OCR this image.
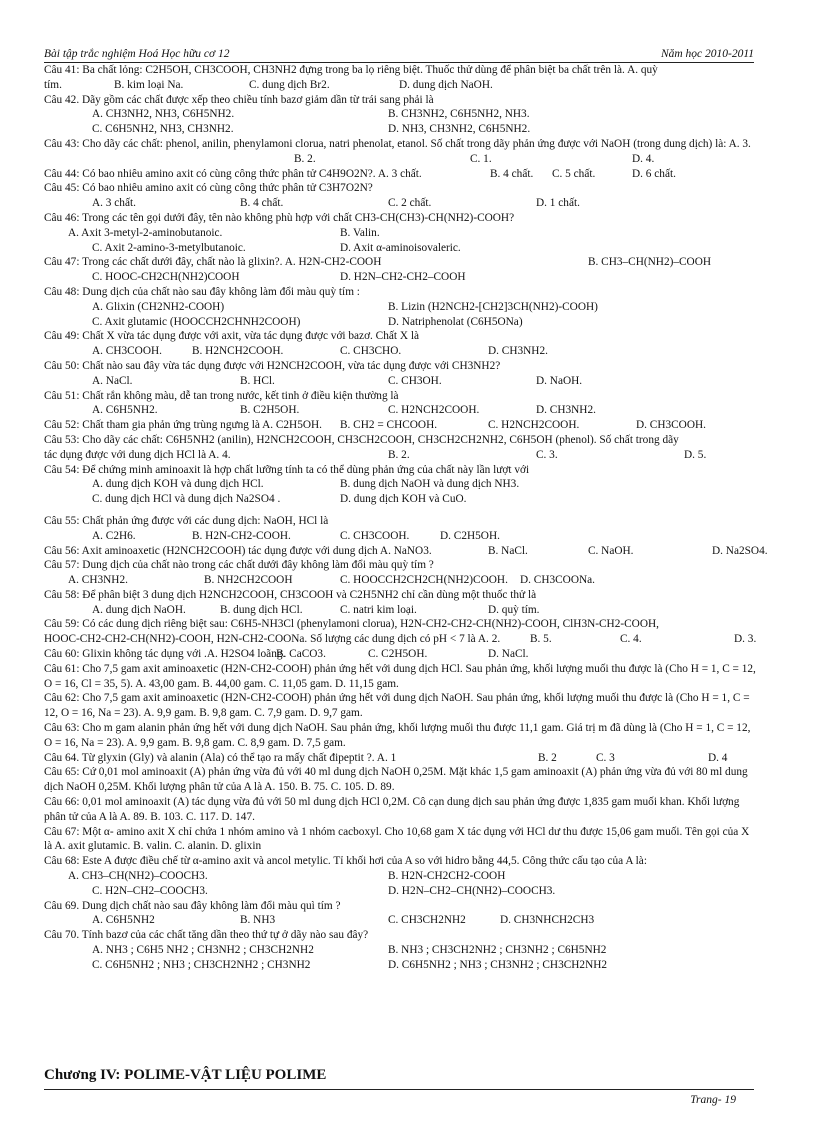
Bài tập trắc nghiệm Hoá Học hữu cơ 12	Năm học 2010-2011
Câu 41: Ba chất lỏng: C2H5OH, CH3COOH, CH3NH2 đựng trong ba lọ riêng biệt. Thuốc thử dùng để phân biệt ba chất trên là. A. quỳ
tím.	B. kim loại Na.	C. dung dịch Br2.	D. dung dịch NaOH.
Câu 42. Dãy gồm các chất được xếp theo chiều tính bazơ giảm dần từ trái sang phải là
A. CH3NH2, NH3, C6H5NH2.	B. CH3NH2, C6H5NH2, NH3.
C. C6H5NH2, NH3, CH3NH2.	D. NH3, CH3NH2, C6H5NH2.
Câu 43: Cho dãy các chất: phenol, anilin, phenylamoni clorua, natri phenolat, etanol. Số chất trong dãy phản ứng được với NaOH (trong dung dịch) là: A. 3.
B. 2.	C. 1.	D. 4.
Câu 44: Có bao nhiêu amino axit có cùng công thức phân tử C4H9O2N?. A. 3 chất.	B. 4 chất.	C. 5 chất.	D. 6 chất.
Câu 45: Có bao nhiêu amino axit có cùng công thức phân tử C3H7O2N?
A. 3 chất.	B. 4 chất.	C. 2 chất.	D. 1 chất.
Câu 46: Trong các tên gọi dưới đây, tên nào không phù hợp với chất CH3-CH(CH3)-CH(NH2)-COOH?
A. Axit 3-metyl-2-aminobutanoic.	B. Valin.
C. Axit 2-amino-3-metylbutanoic.	D. Axit α-aminoisovaleric.
Câu 47: Trong các chất dưới đây, chất nào là glixin?. A. H2N-CH2-COOH	B. CH3–CH(NH2)–COOH
C. HOOC-CH2CH(NH2)COOH	D. H2N–CH2-CH2–COOH
Câu 48: Dung dịch của chất nào sau đây không làm đổi màu quỳ tím :
A. Glixin (CH2NH2-COOH)	B. Lizin (H2NCH2-[CH2]3CH(NH2)-COOH)
C. Axit glutamic (HOOCCH2CHNH2COOH)	D. Natriphenolat (C6H5ONa)
Câu 49: Chất X vừa tác dụng được với axit, vừa tác dụng được với bazơ. Chất X là
A. CH3COOH.	B. H2NCH2COOH.	C. CH3CHO.	D. CH3NH2.
Câu 50: Chất nào sau đây vừa tác dụng được với H2NCH2COOH, vừa tác dụng được với CH3NH2?
A. NaCl.	B. HCl.	C. CH3OH.	D. NaOH.
Câu 51: Chất rắn không màu, dễ tan trong nước, kết tinh ở điều kiện thường là
A. C6H5NH2.	B. C2H5OH.	C. H2NCH2COOH.	D. CH3NH2.
Câu 52: Chất tham gia phản ứng trùng ngưng là A. C2H5OH.	B. CH2 = CHCOOH.	C. H2NCH2COOH.	D. CH3COOH.
Câu 53: Cho dãy các chất: C6H5NH2 (anilin), H2NCH2COOH, CH3CH2COOH, CH3CH2CH2NH2, C6H5OH (phenol). Số chất trong dãy
tác dụng được với dung dịch HCl là A. 4.	B. 2.	C. 3.	D. 5.
Câu 54: Để chứng minh aminoaxit là hợp chất lưỡng tính ta có thể dùng phản ứng của chất này lần lượt với
A. dung dịch KOH và dung dịch HCl.	B. dung dịch NaOH và dung dịch NH3.
C. dung dịch HCl và dung dịch Na2SO4 .	D. dung dịch KOH và CuO.
Câu 55: Chất phản ứng được với các dung dịch: NaOH, HCl là
A. C2H6.	B. H2N-CH2-COOH.	C. CH3COOH.	D. C2H5OH.
Câu 56: Axit aminoaxetic (H2NCH2COOH) tác dụng được với dung dịch A. NaNO3.	B. NaCl.	C. NaOH.	D. Na2SO4.
Câu 57: Dung dịch của chất nào trong các chất dưới đây không làm đổi màu quỳ tím ?
A. CH3NH2.	B. NH2CH2COOH	C. HOOCCH2CH2CH(NH2)COOH.	D. CH3COONa.
Câu 58: Để phân biệt 3 dung dịch H2NCH2COOH, CH3COOH và C2H5NH2 chỉ cần dùng một thuốc thử là
A. dung dịch NaOH.	B. dung dịch HCl.	C. natri kim loại.	D. quỳ tím.
Câu 59: Có các dung dịch riêng biệt sau: C6H5-NH3Cl (phenylamoni clorua), H2N-CH2-CH2-CH(NH2)-COOH, ClH3N-CH2-COOH,
HOOC-CH2-CH2-CH(NH2)-COOH, H2N-CH2-COONa. Số lượng các dung dịch có pH < 7 là A. 2.	B. 5.	C. 4.	D. 3.
Câu 60: Glixin không tác dụng với .A. H2SO4 loãng.
B. CaCO3.	C. C2H5OH.	D. NaCl.
Câu 61: Cho 7,5 gam axit aminoaxetic (H2N-CH2-COOH) phản ứng hết với dung dịch HCl. Sau phản ứng, khối lượng muối thu được là (Cho H = 1, C = 12, O = 16, Cl = 35, 5). A. 43,00 gam. B. 44,00 gam. C. 11,05 gam. D. 11,15 gam.
Câu 62: Cho 7,5 gam axit aminoaxetic (H2N-CH2-COOH) phản ứng hết với dung dịch NaOH. Sau phản ứng, khối lượng muối thu được là (Cho H = 1, C = 12, O = 16, Na = 23). A. 9,9 gam. B. 9,8 gam. C. 7,9 gam. D. 9,7 gam.
Câu 63: Cho m gam alanin phản ứng hết với dung dịch NaOH. Sau phản ứng, khối lượng muối thu được 11,1 gam. Giá trị m đã dùng là (Cho H = 1, C = 12, O = 16, Na = 23). A. 9,9 gam. B. 9,8 gam. C. 8,9 gam. D. 7,5 gam.
Câu 64. Từ glyxin (Gly) và alanin (Ala) có thể tạo ra mấy chất đipeptit ?. A. 1	B. 2	C. 3	D. 4
Câu 65: Cứ 0,01 mol aminoaxit (A) phản ứng vừa đủ với 40 ml dung dịch NaOH 0,25M. Mặt khác 1,5 gam aminoaxit (A) phản ứng vừa đủ với 80 ml dung dịch NaOH 0,25M. Khối lượng phân tử của A là A. 150. B. 75. C. 105. D. 89.
Câu 66: 0,01 mol aminoaxit (A) tác dụng vừa đủ với 50 ml dung dịch HCl 0,2M. Cô cạn dung dịch sau phản ứng được 1,835 gam muối khan. Khối lượng phân tử của A là A. 89. B. 103. C. 117. D. 147.
Câu 67: Một α- amino axit X chỉ chứa 1 nhóm amino và 1 nhóm cacboxyl. Cho 10,68 gam X tác dụng với HCl dư thu được 15,06 gam muối. Tên gọi của X là A. axit glutamic. B. valin. C. alanin. D. glixin
Câu 68: Este A được điều chế từ α-amino axit và ancol metylic. Tỉ khối hơi của A so với hidro bằng 44,5. Công thức cấu tạo của A là:
A. CH3–CH(NH2)–COOCH3.	B. H2N-CH2CH2-COOH
C. H2N–CH2–COOCH3.	D. H2N–CH2–CH(NH2)–COOCH3.
Câu 69. Dung dịch chất nào sau đây không làm đổi màu quì tím ?
A. C6H5NH2	B. NH3	C. CH3CH2NH2	D. CH3NHCH2CH3
Câu 70. Tính bazơ của các chất tăng dần theo thứ tự ở dãy nào sau đây?
A. NH3 ; C6H5 NH2 ; CH3NH2 ; CH3CH2NH2	B. NH3 ; CH3CH2NH2 ; CH3NH2 ; C6H5NH2
C. C6H5NH2 ; NH3 ; CH3CH2NH2 ; CH3NH2	D. C6H5NH2 ; NH3 ; CH3NH2 ; CH3CH2NH2
Chương IV: POLIME-VẬT LIỆU POLIME
Trang- 19
